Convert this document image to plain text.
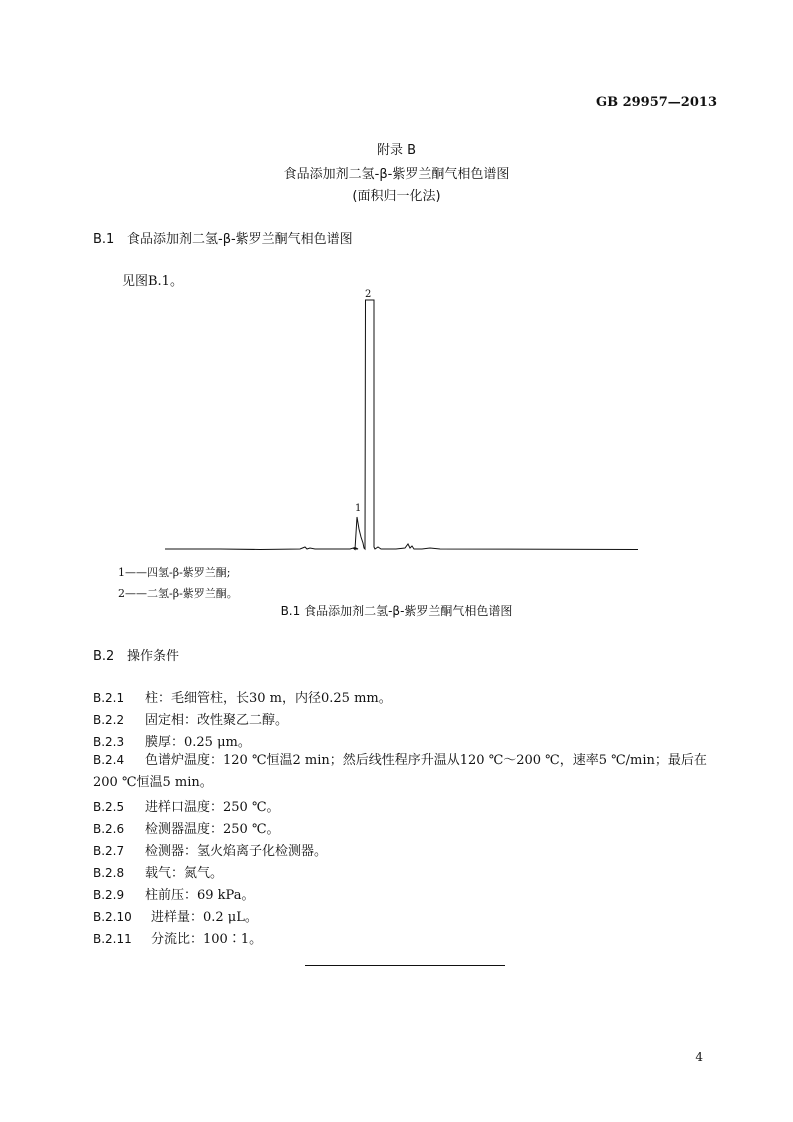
GB 29957—2013
附录 B
食品添加剂二氢-β-紫罗兰酮气相色谱图
(面积归一化法)
B.1 食品添加剂二氢-β-紫罗兰酮气相色谱图
见图B.1。
1
2
1——四氢-β-紫罗兰酮;
2——二氢-β-紫罗兰酮。
B.1 食品添加剂二氢-β-紫罗兰酮气相色谱图
B.2 操作条件
B.2.1 柱：毛细管柱，长30 m，内径0.25 mm。
B.2.2 固定相：改性聚乙二醇。
B.2.3 膜厚：0.25 μm。
B.2.4 色谱炉温度：120 ℃恒温2 min；然后线性程序升温从120 ℃～200 ℃，速率5 ℃/min；最后在200 ℃恒温5 min。
B.2.5 进样口温度：250 ℃。
B.2.6 检测器温度：250 ℃。
B.2.7 检测器：氢火焰离子化检测器。
B.2.8 载气：氮气。
B.2.9 柱前压：69 kPa。
B.2.10 进样量：0.2 μL。
B.2.11 分流比：100∶1。
4
